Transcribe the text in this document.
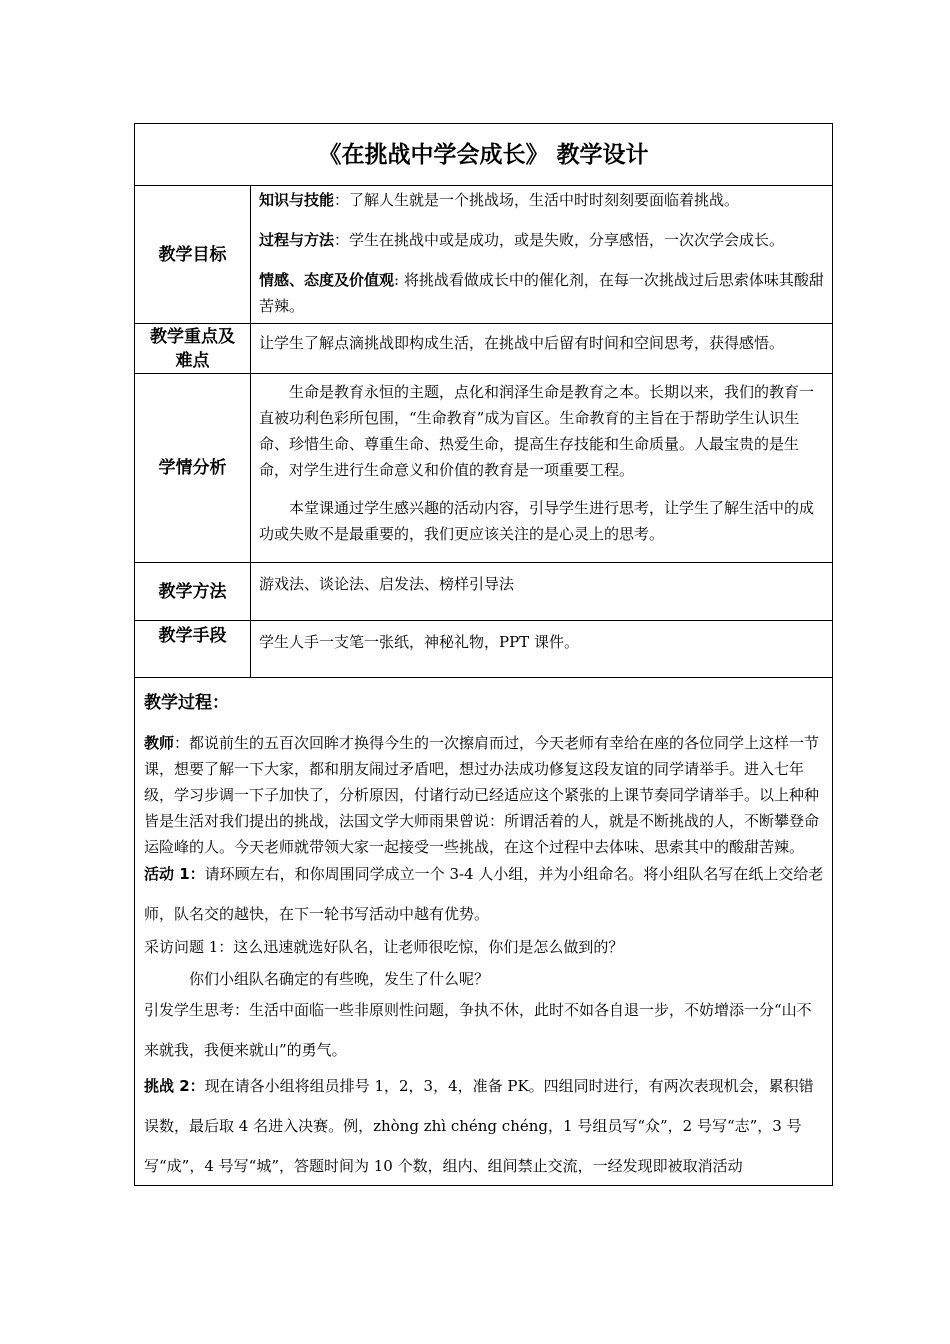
《在挑战中学会成长》 教学设计
教学目标

知识与技能：了解人生就是一个挑战场，生活中时时刻刻要面临着挑战。

过程与方法：学生在挑战中或是成功，或是失败，分享感悟，一次次学会成长。

情感、态度及价值观: 将挑战看做成长中的催化剂，在每一次挑战过后思索体味其酸甜苦辣。

教学重点及
难点

让学生了解点滴挑战即构成生活，在挑战中后留有时间和空间思考，获得感悟。

学情分析

生命是教育永恒的主题，点化和润泽生命是教育之本。长期以来，我们的教育一直被功利色彩所包围，“生命教育”成为盲区。生命教育的主旨在于帮助学生认识生命、珍惜生命、尊重生命、热爱生命，提高生存技能和生命质量。人最宝贵的是生命，对学生进行生命意义和价值的教育是一项重要工程。

本堂课通过学生感兴趣的活动内容，引导学生进行思考，让学生了解生活中的成功或失败不是最重要的，我们更应该关注的是心灵上的思考。

教学方法	游戏法、谈论法、启发法、榜样引导法

教学手段	学生人手一支笔一张纸，神秘礼物，PPT 课件。

教学过程：

教师：都说前生的五百次回眸才换得今生的一次擦肩而过，今天老师有幸给在座的各位同学上这样一节课，想要了解一下大家，都和朋友闹过矛盾吧，想过办法成功修复这段友谊的同学请举手。进入七年级，学习步调一下子加快了，分析原因，付诸行动已经适应这个紧张的上课节奏同学请举手。以上种种皆是生活对我们提出的挑战，法国文学大师雨果曾说：所谓活着的人，就是不断挑战的人，不断攀登命运险峰的人。今天老师就带领大家一起接受一些挑战，在这个过程中去体味、思索其中的酸甜苦辣。

活动 1：请环顾左右，和你周围同学成立一个 3-4 人小组，并为小组命名。将小组队名写在纸上交给老师，队名交的越快，在下一轮书写活动中越有优势。

采访问题 1：这么迅速就选好队名，让老师很吃惊，你们是怎么做到的？

你们小组队名确定的有些晚，发生了什么呢？

引发学生思考：生活中面临一些非原则性问题，争执不休，此时不如各自退一步，不妨增添一分“山不来就我，我便来就山”的勇气。

挑战 2：现在请各小组将组员排号 1，2，3，4，准备 PK。四组同时进行，有两次表现机会，累积错误数，最后取 4 名进入决赛。例，zhòng zhì chéng chéng，1 号组员写“众”，2 号写“志”，3 号写“成”，4 号写“城”，答题时间为 10 个数，组内、组间禁止交流，一经发现即被取消活动
